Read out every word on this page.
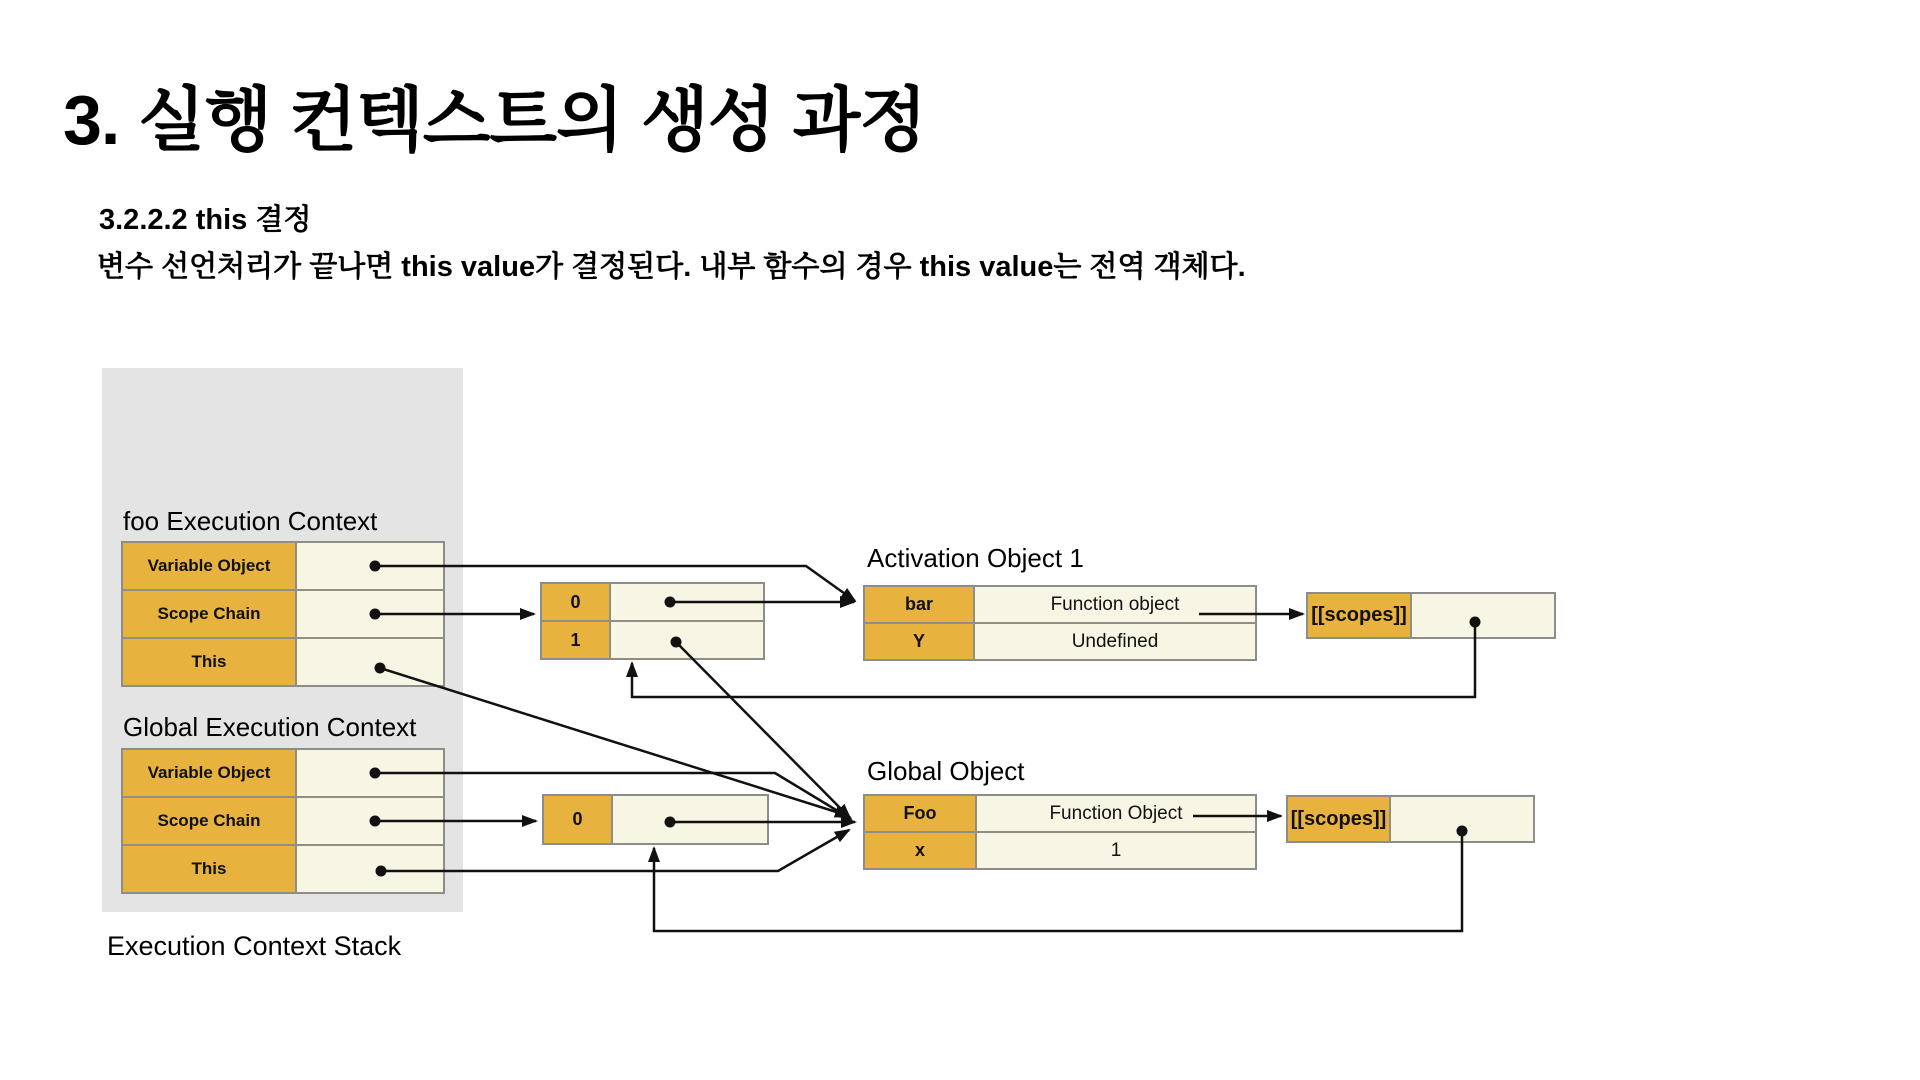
3. 실행 컨텍스트의 생성 과정
3.2.2.2 this 결정
변수 선언처리가 끝나면 this value가 결정된다. 내부 함수의 경우 this value는 전역 객체다.
foo Execution Context
Variable Object
Scope Chain
This
Global Execution Context
Variable Object
Scope Chain
This
Execution Context Stack
0
1
0
Activation Object 1
bar	Function object
Y	Undefined
Global Object
Foo	Function Object
x	1
[[scopes]]
[[scopes]]
